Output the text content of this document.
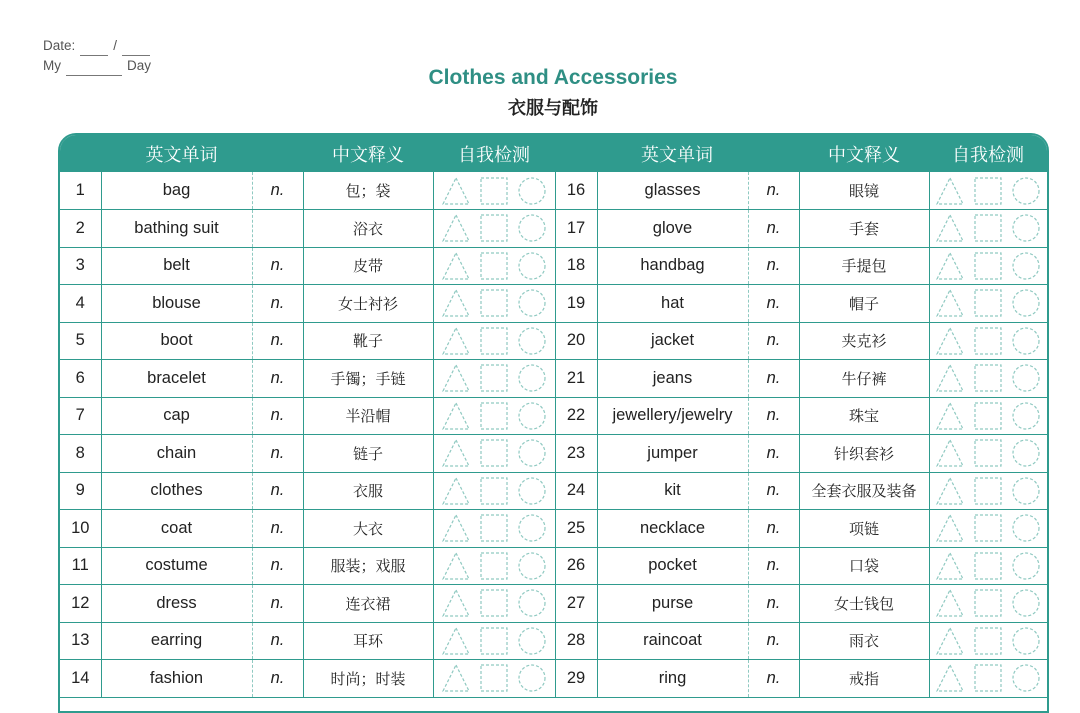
Date:	/
My	Day
Clothes and Accessories
衣服与配饰
英文单词			中文释义	自我检测	英文单词			中文释义	自我检测
1	bag	n.	包；袋		16	glasses	n.	眼镜	

2	bathing suit		浴衣		17	glove	n.	手套	

3	belt	n.	皮带		18	handbag	n.	手提包	

4	blouse	n.	女士衬衫		19	hat	n.	帽子	

5	boot	n.	靴子		20	jacket	n.	夹克衫	

6	bracelet	n.	手镯；手链		21	jeans	n.	牛仔裤	

7	cap	n.	半沿帽		22	jewellery/jewelry	n.	珠宝	

8	chain	n.	链子		23	jumper	n.	针织套衫	

9	clothes	n.	衣服		24	kit	n.	全套衣服及装备	

10	coat	n.	大衣		25	necklace	n.	项链	

11	costume	n.	服装；戏服		26	pocket	n.	口袋	

12	dress	n.	连衣裙		27	purse	n.	女士钱包	

13	earring	n.	耳环		28	raincoat	n.	雨衣	

14	fashion	n.	时尚；时装		29	ring	n.	戒指	
